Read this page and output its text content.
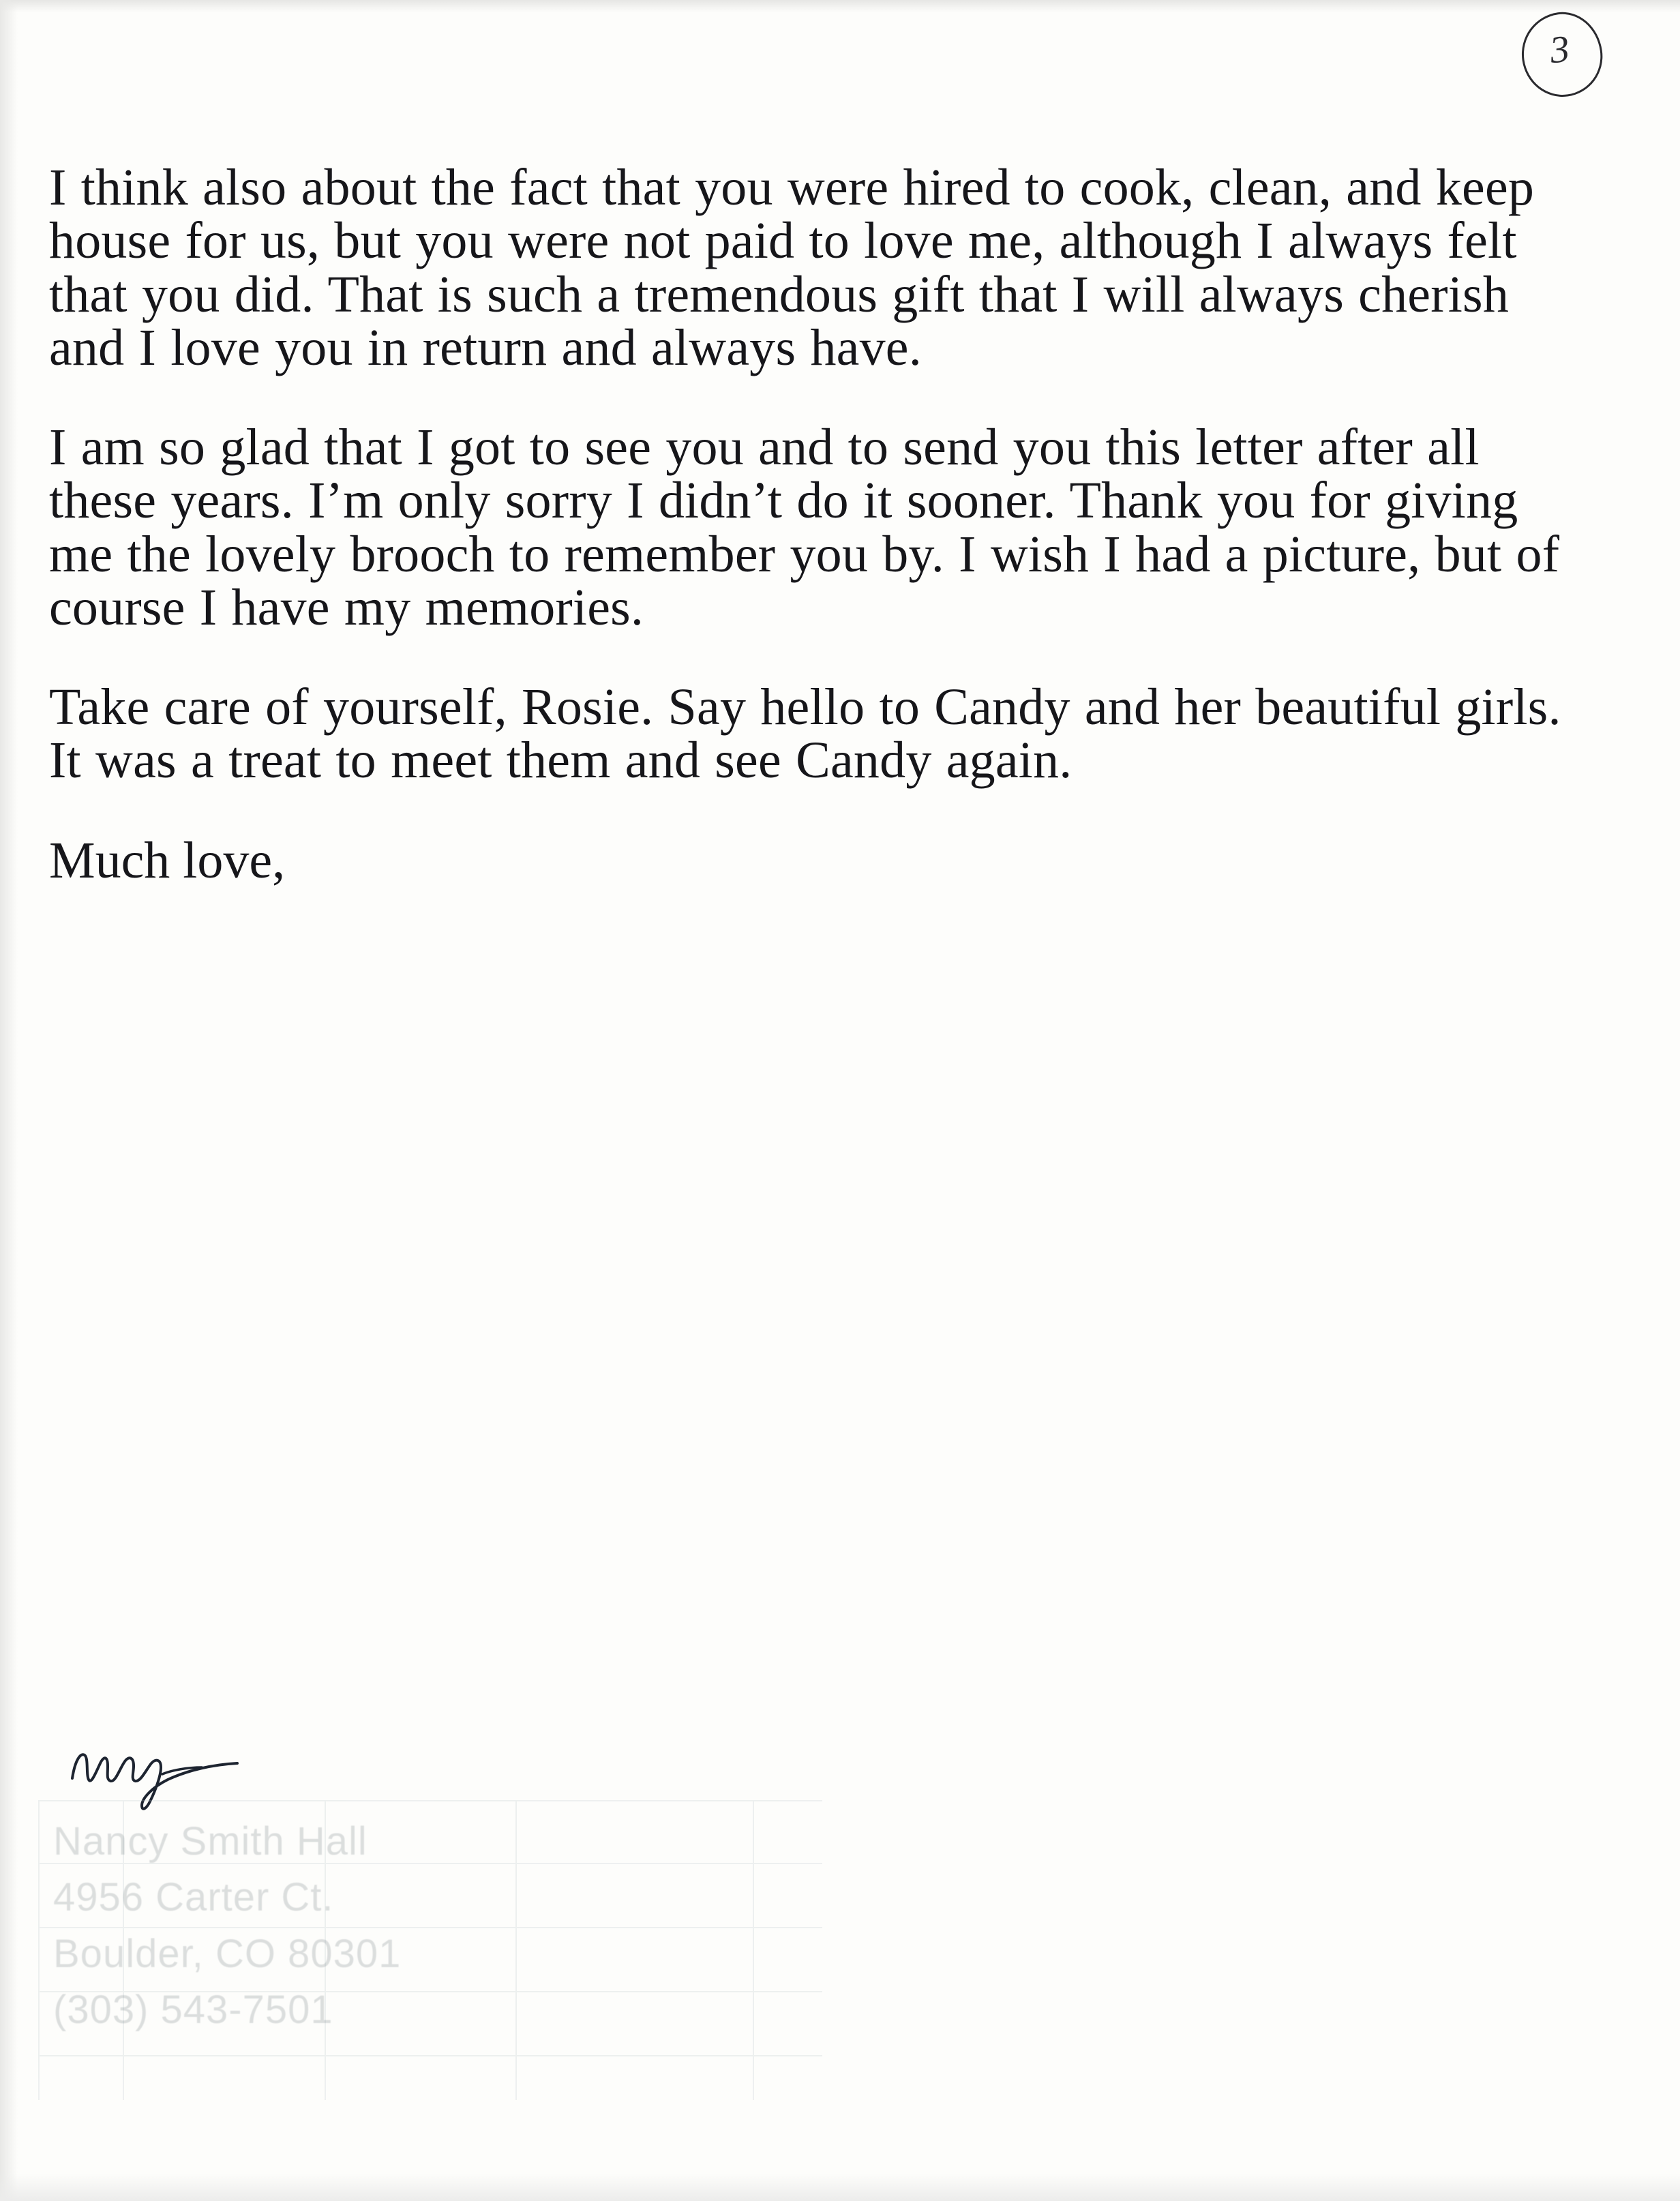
3

I think also about the fact that you were hired to cook, clean, and keep house for us, but you were not paid to love me, although I always felt that you did. That is such a tremendous gift that I will always cherish and I love you in return and always have.

I am so glad that I got to see you and to send you this letter after all these years. I’m only sorry I didn’t do it sooner. Thank you for giving me the lovely brooch to remember you by. I wish I had a picture, but of course I have my memories.

Take care of yourself, Rosie. Say hello to Candy and her beautiful girls. It was a treat to meet them and see Candy again.

Much love,

Nancy Smith Hall
4956 Carter Ct.
Boulder, CO 80301
(303) 543-7501
